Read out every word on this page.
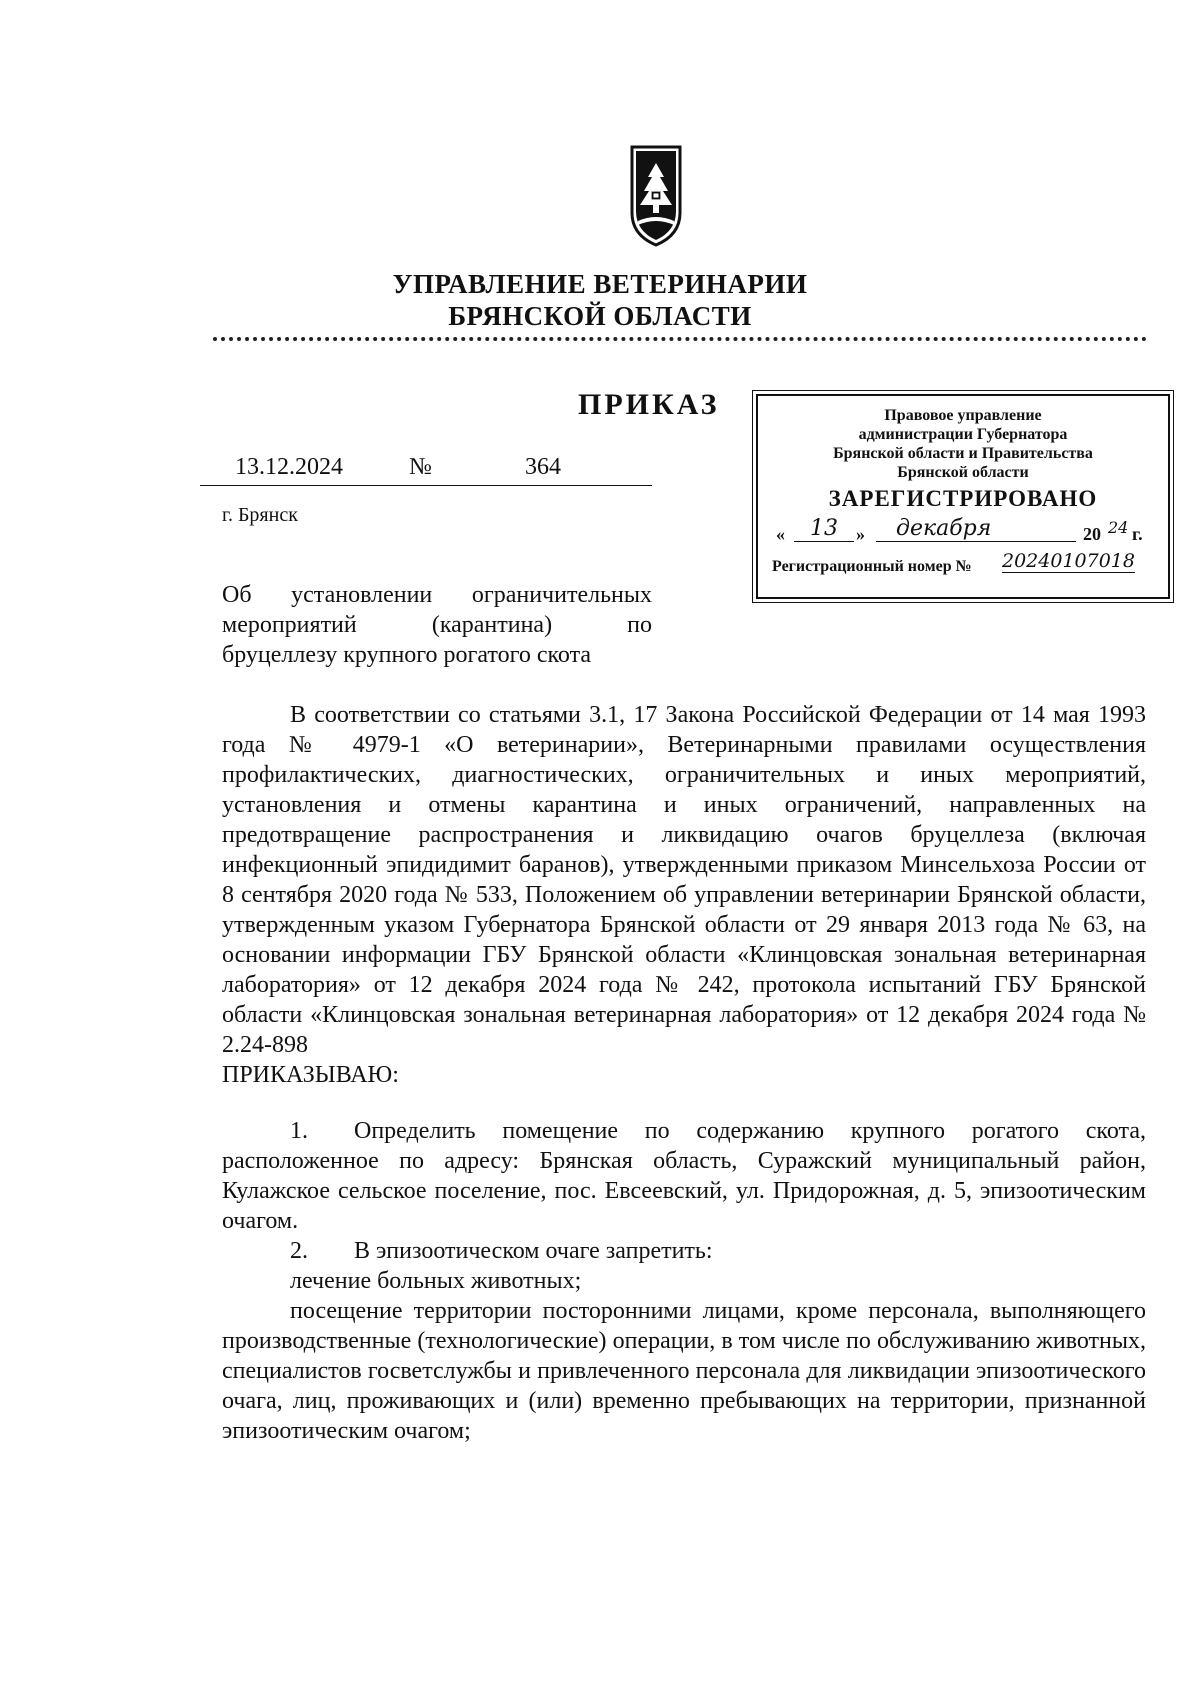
УПРАВЛЕНИЕ ВЕТЕРИНАРИИ
БРЯНСКОЙ ОБЛАСТИ
ПРИКАЗ
13.12.2024	№	364
г. Брянск
Правовое управление
администрации Губернатора
Брянской области и Правительства
Брянской области
ЗАРЕГИСТРИРОВАНО
«	13	»	декабря	20 24 г.
Регистрационный номер № 20240107018
Об установлении ограничительных
мероприятий (карантина) по
бруцеллезу крупного рогатого скота

В соответствии со статьями 3.1, 17 Закона Российской Федерации от 14 мая 1993 года № 4979-1 «О ветеринарии», Ветеринарными правилами осуществления профилактических, диагностических, ограничительных и иных мероприятий, установления и отмены карантина и иных ограничений, направленных на предотвращение распространения и ликвидацию очагов бруцеллеза (включая инфекционный эпидидимит баранов), утвержденными приказом Минсельхоза России от 8 сентября 2020 года № 533, Положением об управлении ветеринарии Брянской области, утвержденным указом Губернатора Брянской области от 29 января 2013 года № 63, на основании информации ГБУ Брянской области «Клинцовская зональная ветеринарная лаборатория» от 12 декабря 2024 года № 242, протокола испытаний ГБУ Брянской области «Клинцовская зональная ветеринарная лаборатория» от 12 декабря 2024 года № 2.24-898

ПРИКАЗЫВАЮ:

1. Определить помещение по содержанию крупного рогатого скота, расположенное по адресу: Брянская область, Суражский муниципальный район, Кулажское сельское поселение, пос. Евсеевский, ул. Придорожная, д. 5, эпизоотическим очагом.

2. В эпизоотическом очаге запретить:

лечение больных животных;

посещение территории посторонними лицами, кроме персонала, выполняющего производственные (технологические) операции, в том числе по обслуживанию животных, специалистов госветслужбы и привлеченного персонала для ликвидации эпизоотического очага, лиц, проживающих и (или) временно пребывающих на территории, признанной эпизоотическим очагом;
